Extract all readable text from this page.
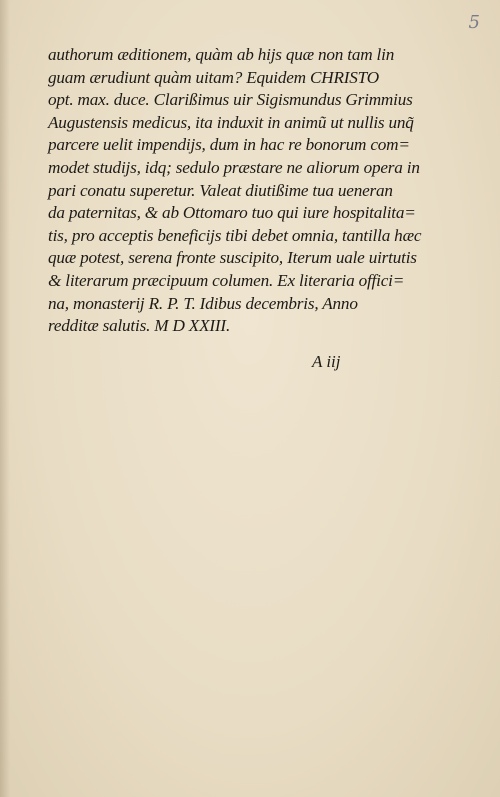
5
authorum æditionem, quàm ab hijs quæ non tam lin
guam ærudiunt quàm uitam? Equidem CHRISTO
opt. max. duce. Clarißimus uir Sigismundus Grimmius
Augustensis medicus, ita induxit in animũ ut nullis unq̃
parcere uelit impendijs, dum in hac re bonorum com=
modet studijs, idq; sedulo præstare ne aliorum opera in
pari conatu superetur. Valeat diutißime tua ueneran
da paternitas, & ab Ottomaro tuo qui iure hospitalita=
tis, pro acceptis beneficijs tibi debet omnia, tantilla hæc
quæ potest, serena fronte suscipito, Iterum uale uirtutis
& literarum præcipuum columen. Ex literaria offici=
na, monasterij R. P. T. Idibus decembris, Anno
redditæ salutis. M D XXIII.
A iij
